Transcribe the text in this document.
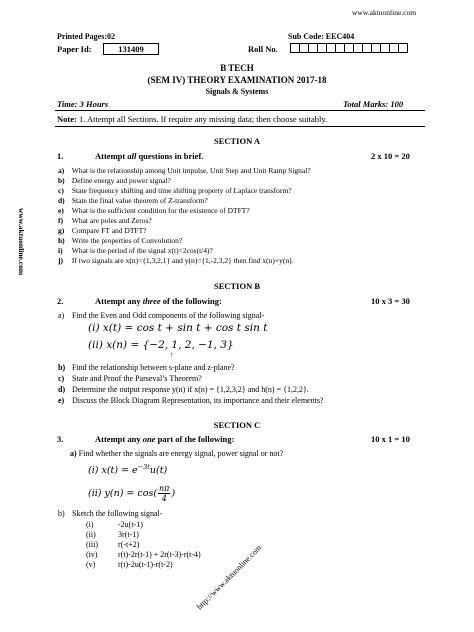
www.aktuonline.com
Printed Pages:02	Sub Code: EEC404
Paper Id:	131409	Roll No.
B TECH
(SEM IV) THEORY EXAMINATION 2017-18
Signals & Systems
Time: 3 Hours	Total Marks: 100
Note: 1. Attempt all Sections. If require any missing data; then choose suitably.
SECTION A
1.	Attempt all questions in brief.	2 x 10 = 20
a) What is the relationship among Unit impulse, Unit Step and Unit Ramp Signal?
b) Define energy and power signal?
c) State frequency shifting and time shifting property of Laplace transform?
d) State the final value theorem of Z-transform?
e) What is the sufficient condition for the existence of DTFT?
f) What are poles and Zeros?
g) Compare FT and DTFT?
h) Write the properties of Convolution?
i) What is the period of the signal x(t)=2cos(t/4)?
j) If two signals are x(n)={1,3,2,1} and y(n)={1,-2,3,2} then find x(n)+y(n).
SECTION B
2.	Attempt any three of the following:	10 x 3 = 30
a) Find the Even and Odd components of the following signal-
(i) x(t) = cos t + sin t + cos t sin t
(ii) x(n) = {−2, 1, 2, −1, 3}
↑
b) Find the relationship between s-plane and z-plane?
c) State and Proof the Parseval’s Theorem?
d) Determine the output response y(n) if x(n) = {1,2,3,2} and h(n) = {1,2,2}.
e) Discuss the Block Diagram Representation, its importance and their elements?
SECTION C
3.	Attempt any one part of the following:	10 x 1 = 10
a) Find whether the signals are energy signal, power signal or not?
(i) $x(t) = e^{-3t}u(t)$
(ii) $y(n) = \cos( \frac{n\pi}{4}$ )
b) Sketch the following signal-
(i)	-2u(t-1)
(ii)	3r(t-1)
(iii)	r(-t+2)
(iv)	r(t)-2r(t-1) + 2r(t-3)-r(t-4)
(v)	r(t)-2u(t-1)-r(t-2)
www.aktuonline.com
http://www.aktuonline.com
